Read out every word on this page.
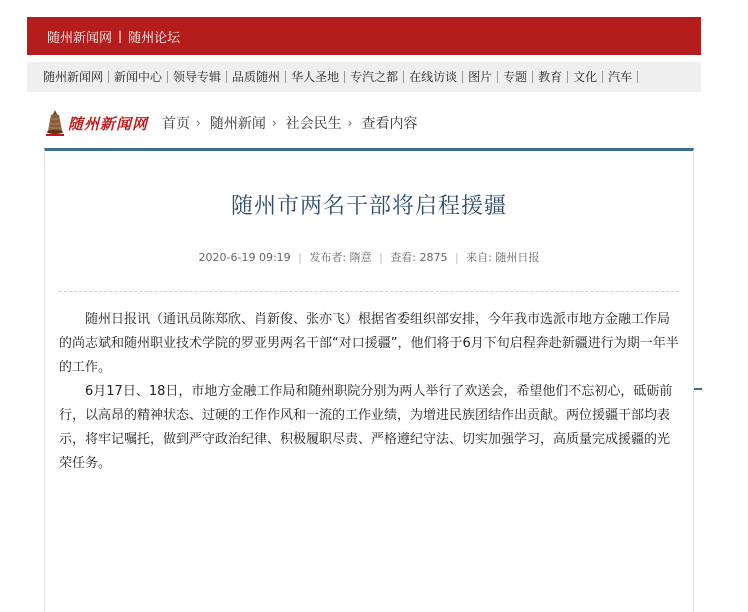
随州新闻网 | 随州论坛
随州新闻网 新闻中心 领导专辑 品质随州 华人圣地 专汽之都 在线访谈 图片 专题 教育 文化 汽车
随州新闻网 首页 › 随州新闻 › 社会民生 › 查看内容
随州市两名干部将启程援疆
2020-6-19 09:19 | 发布者: 隋意 | 查看: 2875 | 来自: 随州日报

随州日报讯（通讯员陈郑欣、肖新俊、张亦飞）根据省委组织部安排，今年我市选派市地方金融工作局的尚志斌和随州职业技术学院的罗亚男两名干部“对口援疆”，他们将于6月下旬启程奔赴新疆进行为期一年半的工作。

6月17日、18日，市地方金融工作局和随州职院分别为两人举行了欢送会，希望他们不忘初心，砥砺前行，以高昂的精神状态、过硬的工作作风和一流的工作业绩，为增进民族团结作出贡献。两位援疆干部均表示，将牢记嘱托，做到严守政治纪律、积极履职尽责、严格遵纪守法、切实加强学习，高质量完成援疆的光荣任务。
